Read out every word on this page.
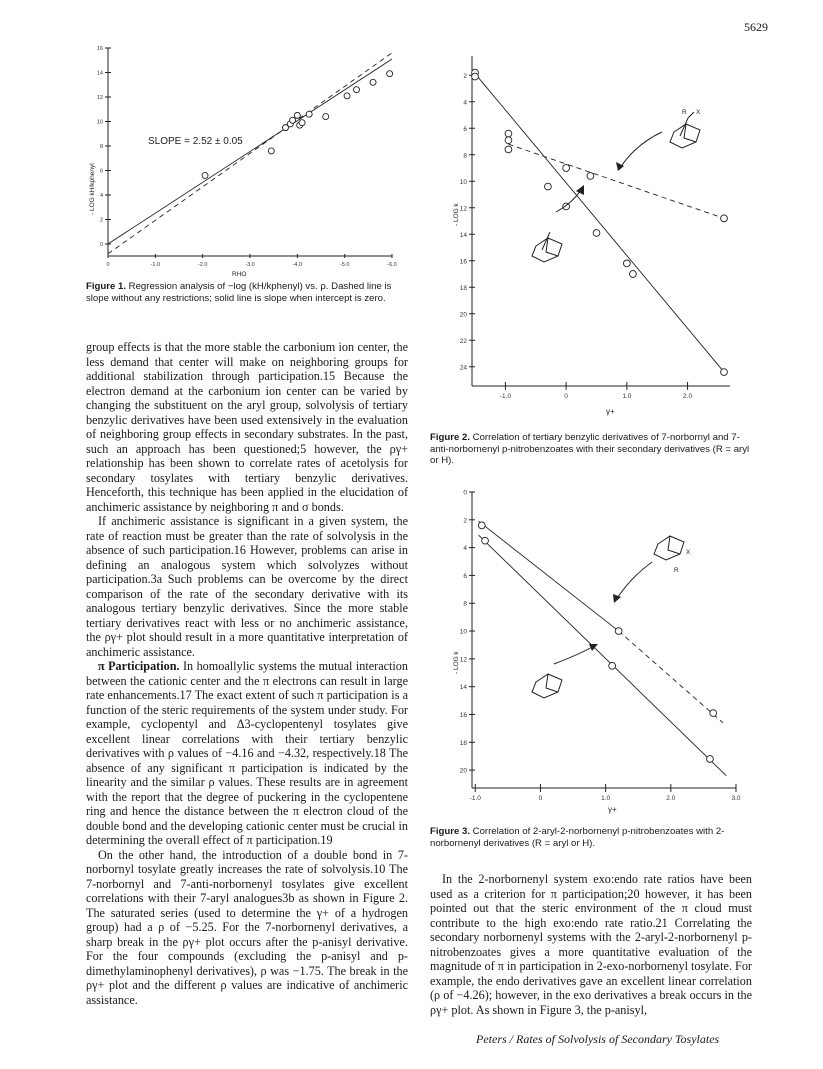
5629
16
14
12
10
8
6
4
2
0
0	-1.0	-2.0	-3.0	-4.0	-5.0	-6.0
SLOPE = 2.52 ± 0.05
RHO
- LOG kH/kphenyl

Figure 1. Regression analysis of −log (kH/kphenyl) vs. ρ. Dashed line is slope without any restrictions; solid line is slope when intercept is zero.

2
4
6
8
10
12
14
16
18
20
22
24
-1.0	0	1.0	2.0
R X
γ+
- LOG k

Figure 2. Correlation of tertiary benzylic derivatives of 7-norbornyl and 7-anti-norbornenyl p-nitrobenzoates with their secondary derivatives (R = aryl or H).

0
2
4
6
8
10
12
14
16
18
20
-1.0	0	1.0	2.0	3.0
X
R
γ+
- LOG k

Figure 3. Correlation of 2-aryl-2-norbornenyl p-nitrobenzoates with 2-norbornenyl derivatives (R = aryl or H).

group effects is that the more stable the carbonium ion center, the less demand that center will make on neighboring groups for additional stabilization through participation.15 Because the electron demand at the carbonium ion center can be varied by changing the substituent on the aryl group, solvolysis of tertiary benzylic derivatives have been used extensively in the evaluation of neighboring group effects in secondary substrates. In the past, such an approach has been questioned;5 however, the ργ+ relationship has been shown to correlate rates of acetolysis for secondary tosylates with tertiary benzylic derivatives. Henceforth, this technique has been applied in the elucidation of anchimeric assistance by neighboring π and σ bonds.

If anchimeric assistance is significant in a given system, the rate of reaction must be greater than the rate of solvolysis in the absence of such participation.16 However, problems can arise in defining an analogous system which solvolyzes without participation.3a Such problems can be overcome by the direct comparison of the rate of the secondary derivative with its analogous tertiary benzylic derivatives. Since the more stable tertiary derivatives react with less or no anchimeric assistance, the ργ+ plot should result in a more quantitative interpretation of anchimeric assistance.

π Participation. In homoallylic systems the mutual interaction between the cationic center and the π electrons can result in large rate enhancements.17 The exact extent of such π participation is a function of the steric requirements of the system under study. For example, cyclopentyl and Δ3-cyclopentenyl tosylates give excellent linear correlations with their tertiary benzylic derivatives with ρ values of −4.16 and −4.32, respectively.18 The absence of any significant π participation is indicated by the linearity and the similar ρ values. These results are in agreement with the report that the degree of puckering in the cyclopentene ring and hence the distance between the π electron cloud of the double bond and the developing cationic center must be crucial in determining the overall effect of π participation.19

On the other hand, the introduction of a double bond in 7-norbornyl tosylate greatly increases the rate of solvolysis.10 The 7-norbornyl and 7-anti-norbornenyl tosylates give excellent correlations with their 7-aryl analogues3b as shown in Figure 2. The saturated series (used to determine the γ+ of a hydrogen group) had a ρ of −5.25. For the 7-norbornenyl derivatives, a sharp break in the ργ+ plot occurs after the p-anisyl derivative. For the four compounds (excluding the p-anisyl and p-dimethylaminophenyl derivatives), ρ was −1.75. The break in the ργ+ plot and the different ρ values are indicative of anchimeric assistance.

In the 2-norbornenyl system exo:endo rate ratios have been used as a criterion for π participation;20 however, it has been pointed out that the steric environment of the π cloud must contribute to the high exo:endo rate ratio.21 Correlating the secondary norbornenyl systems with the 2-aryl-2-norbornenyl p-nitrobenzoates gives a more quantitative evaluation of the magnitude of π in participation in 2-exo-norbornenyl tosylate. For example, the endo derivatives gave an excellent linear correlation (ρ of −4.26); however, in the exo derivatives a break occurs in the ργ+ plot. As shown in Figure 3, the p-anisyl,

Peters / Rates of Solvolysis of Secondary Tosylates
